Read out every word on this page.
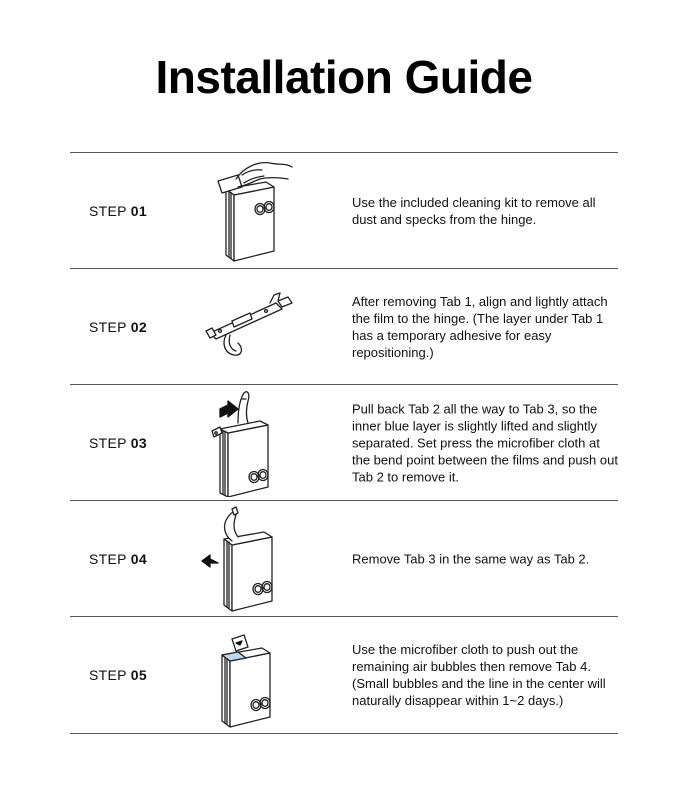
Installation Guide
STEP 01
Use the included cleaning kit to remove all dust and specks from the hinge.
STEP 02
After removing Tab 1, align and lightly attach the film to the hinge. (The layer under Tab 1 has a temporary adhesive for easy repositioning.)
STEP 03
Pull back Tab 2 all the way to Tab 3, so the inner blue layer is slightly lifted and slightly separated. Set press the microfiber cloth at the bend point between the films and push out Tab 2 to remove it.
STEP 04	Remove Tab 3 in the same way as Tab 2.
STEP 05
Use the microfiber cloth to push out the remaining air bubbles then remove Tab 4. (Small bubbles and the line in the center will naturally disappear within 1~2 days.)
